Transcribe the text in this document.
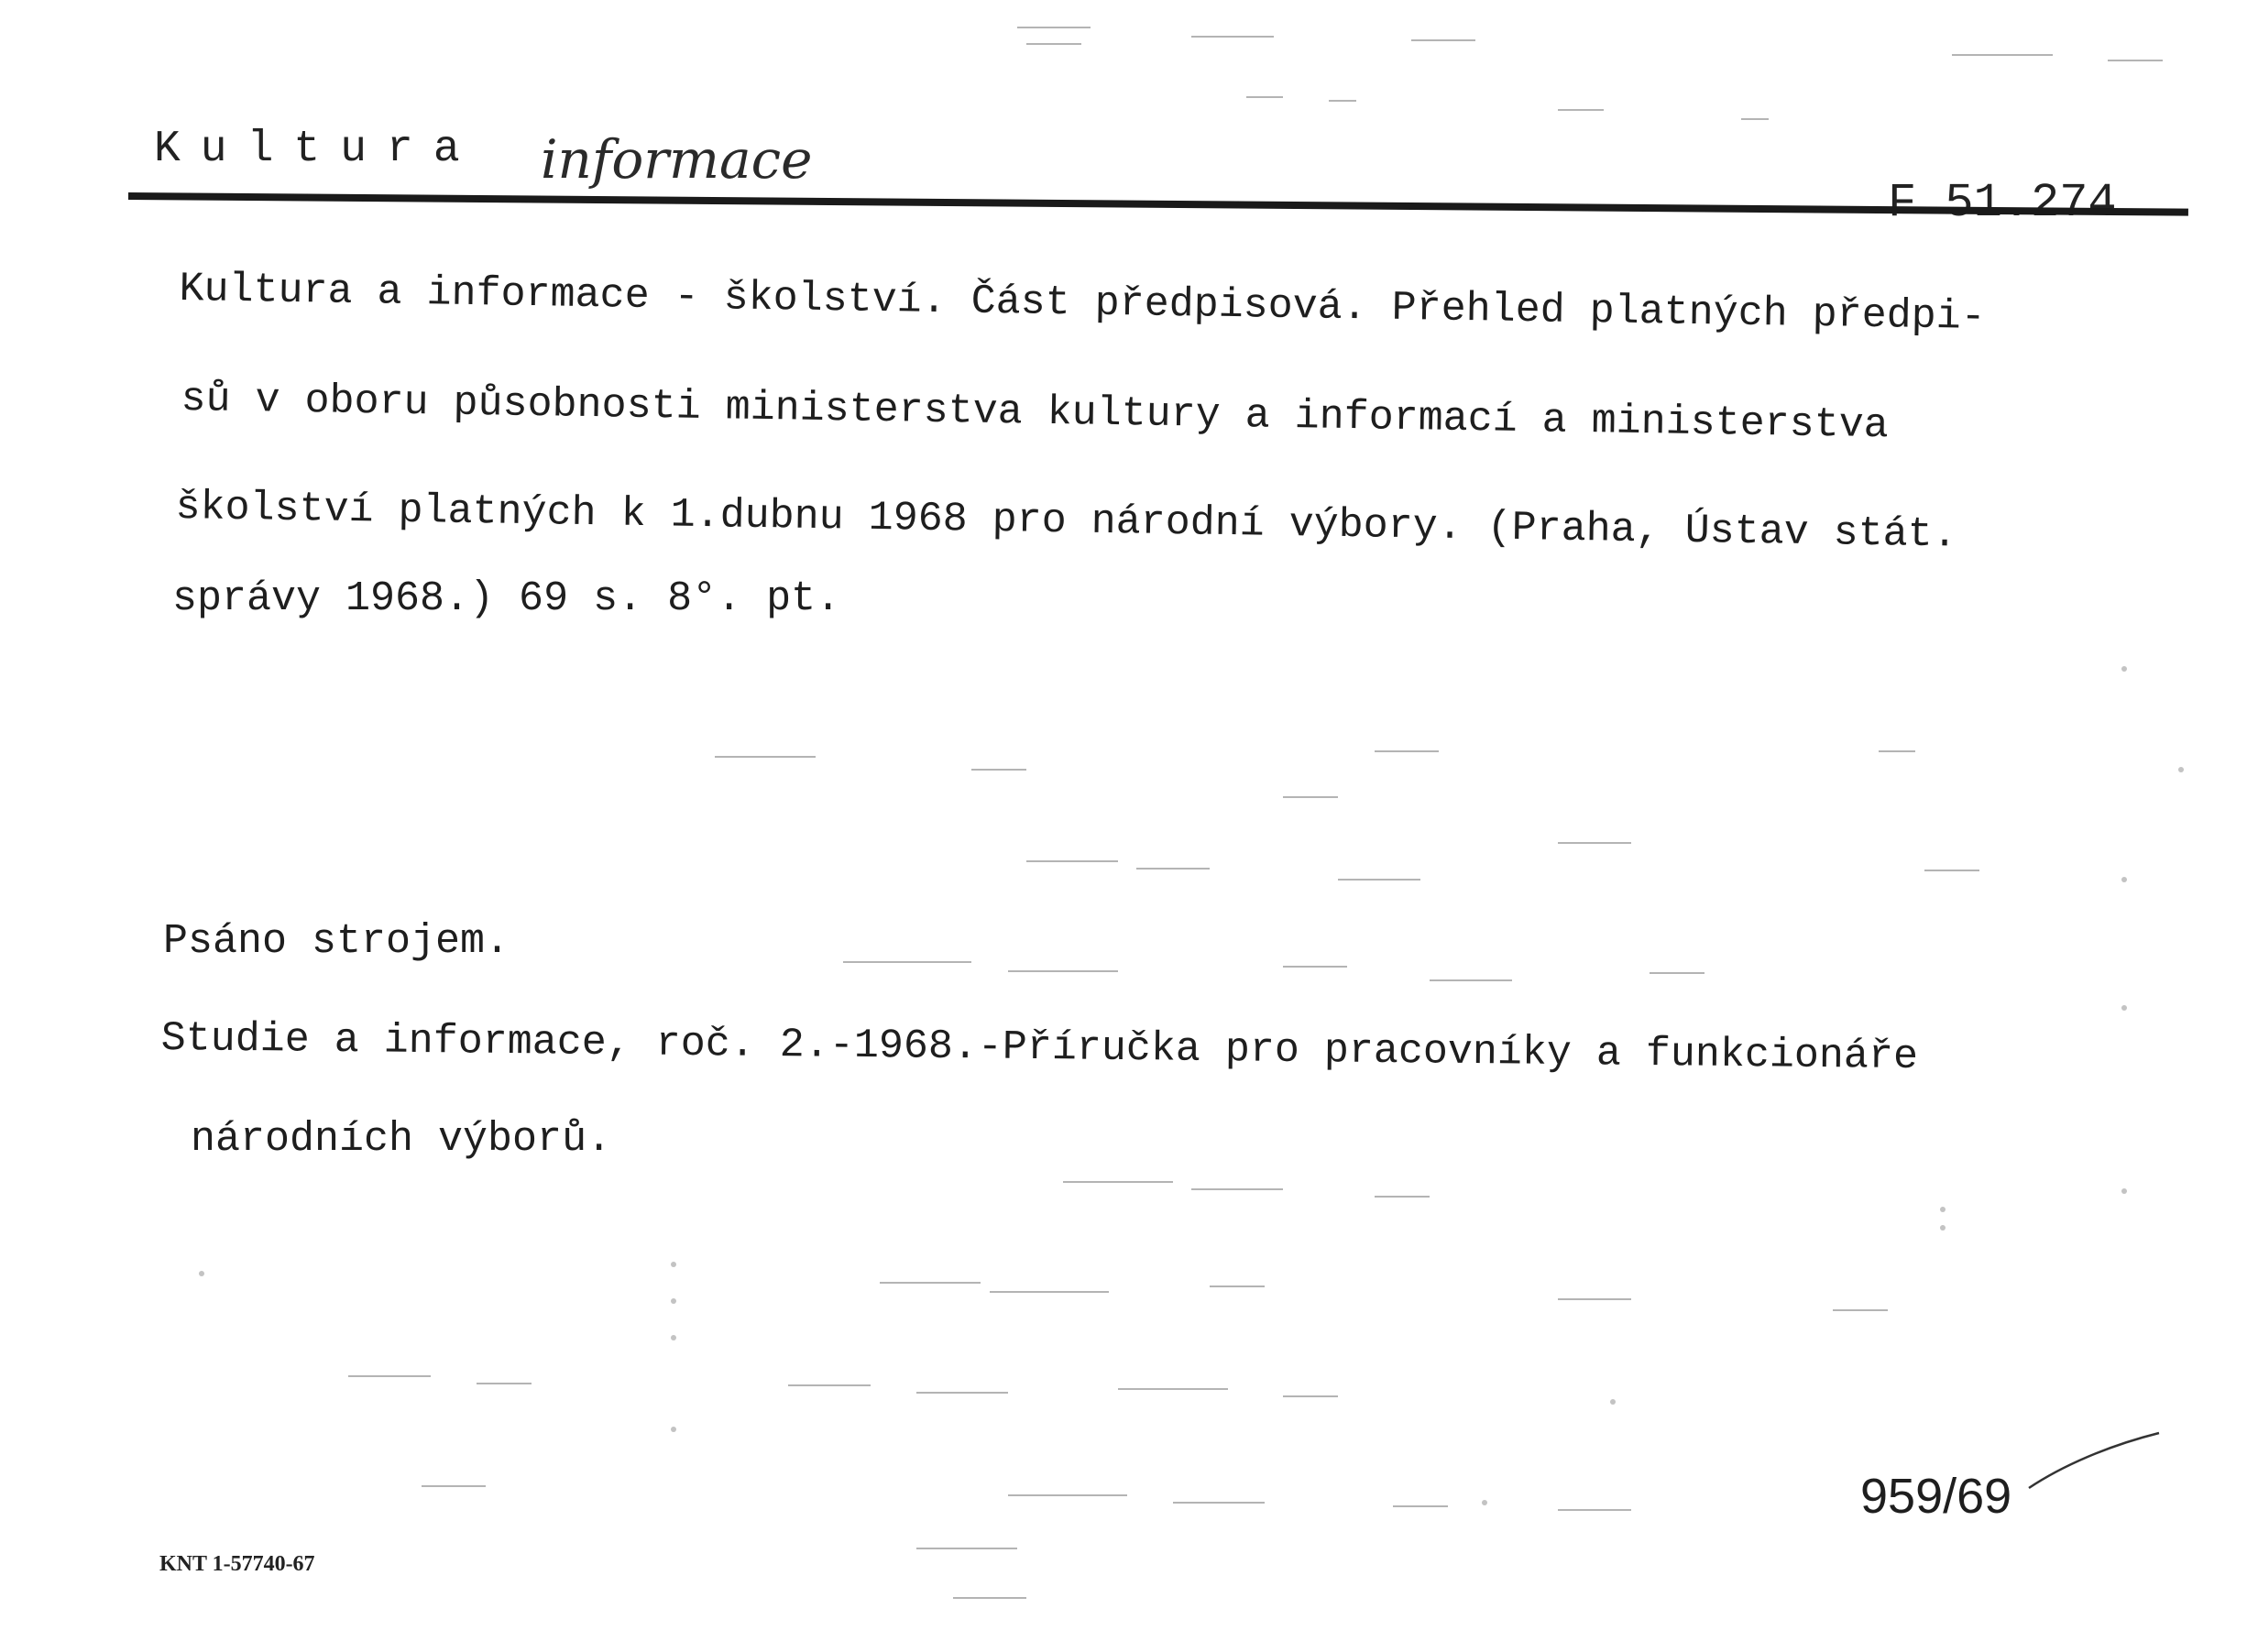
Kultura informace
F 51.274
Kultura a informace - školství. Část předpisová. Přehled platných předpi-
sů v oboru působnosti ministerstva kultury a informací a ministerstva
školství platných k 1.dubnu 1968 pro národní výbory. (Praha, Ústav stát.
správy 1968.) 69 s. 8°. pt.
Psáno strojem.
Studie a informace, roč. 2.-1968.-Příručka pro pracovníky a funkcionáře
národních výborů.
959/69
KNT 1-57740-67
